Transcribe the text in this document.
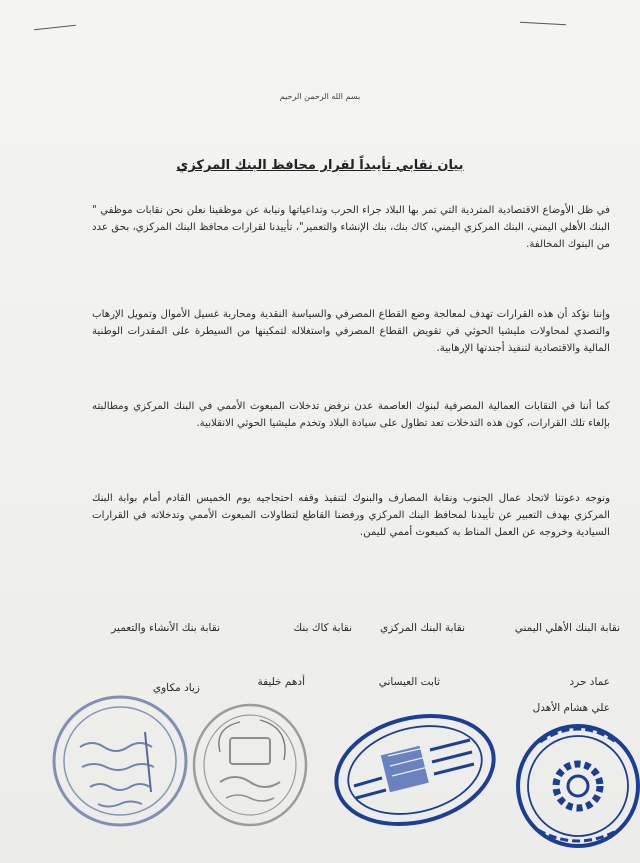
بسم الله الرحمن الرحيم
بيان نقابي تأييداً لقرار محافظ البنك المركزي

في ظل الأوضاع الاقتصادية المتردية التي تمر بها البلاد جراء الحرب وتداعياتها ونيابة عن موظفينا نعلن نحن نقابات موظفي " البنك الأهلي اليمني، البنك المركزي اليمني، كاك بنك، بنك الإنشاء والتعمير"، تأييدنا لقرارات محافظ البنك المركزي، بحق عدد من البنوك المخالفة.

وإننا نؤكد أن هذه القرارات تهدف لمعالجة وضع القطاع المصرفي والسياسة النقدية ومحاربة غسيل الأموال وتمويل الإرهاب والتصدي لمحاولات مليشيا الحوثي في تقويض القطاع المصرفي واستغلاله لتمكينها من السيطرة على المقدرات الوطنية المالية والاقتصادية لتنفيذ أجندتها الإرهابية.

كما أننا في النقابات العمالية المصرفية لبنوك العاصمة عدن نرفض تدخلات المبعوث الأممي في البنك المركزي ومطالبته بإلغاء تلك القرارات، كون هذه التدخلات تعد تطاول على سيادة البلاد وتخدم مليشيا الحوثي الانقلابية.

ونوجه دعوتنا لاتحاد عمال الجنوب ونقابة المصارف والبنوك لتنفيذ وقفه احتجاجيه يوم الخميس القادم أمام بوابة البنك المركزي بهدف التعبير عن تأييدنا لمحافظ البنك المركزي ورفضنا القاطع لتطاولات المبعوث الأممي وتدخلاته في القرارات السيادية وخروجه عن العمل المناط به كمبعوث أممي لليمن.

نقابة البنك الأهلي اليمني
نقابة البنك المركزي
نقابة كاك بنك
نقابة بنك الأنشاء والتعمير
عماد حرد
علي هشام الأهدل
ثابت العيساني
أدهم خليفة
زياد مكاوي
